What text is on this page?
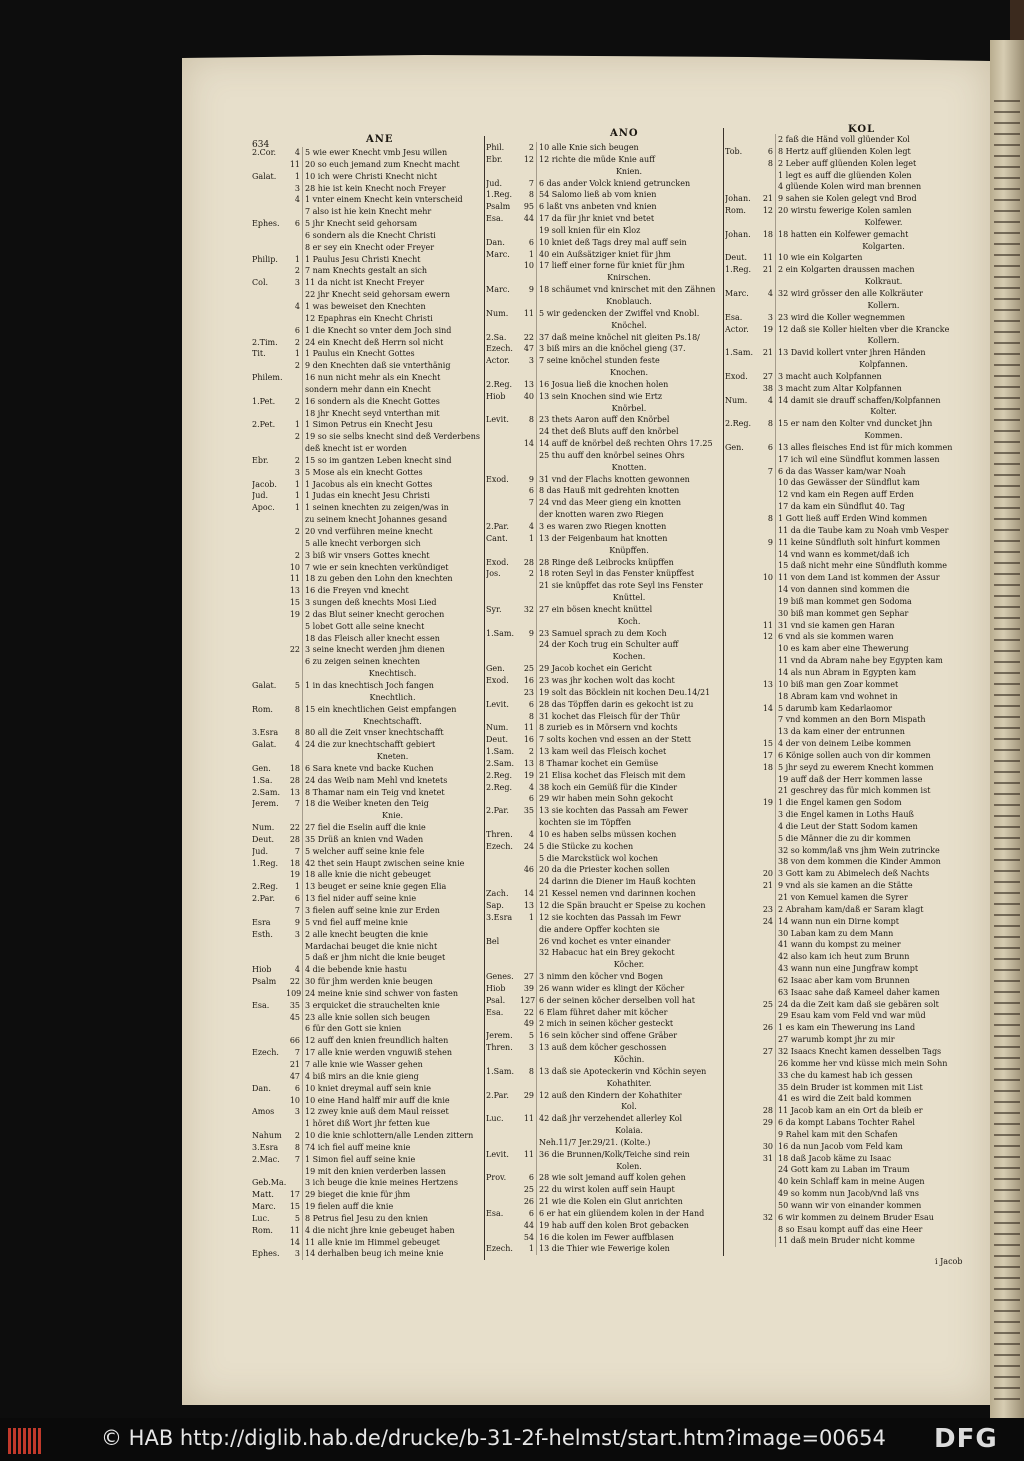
634	ANE
ANO	KOL
2.Cor.	4 5 wie ewer Knecht vmb Jesu willen
11 20 so euch jemand zum Knecht macht
Galat.	1 10 ich were Christi Knecht nicht
3 28 hie ist kein Knecht noch Freyer
4 1 vnter einem Knecht kein vnterscheid
7 also ist hie kein Knecht mehr
Ephes.	6 5 jhr Knecht seid gehorsam
6 sondern als die Knecht Christi
8 er sey ein Knecht oder Freyer
Philip.	1 1 Paulus Jesu Christi Knecht
2 7 nam Knechts gestalt an sich
Col.	3 11 da nicht ist Knecht Freyer
22 jhr Knecht seid gehorsam ewern
4 1 was beweiset den Knechten
12 Epaphras ein Knecht Christi
6 1 die Knecht so vnter dem Joch sind
2.Tim.	2 24 ein Knecht deß Herrn sol nicht
Tit.	1 1 Paulus ein Knecht Gottes
2 9 den Knechten daß sie vnterthänig
Philem.	16 nun nicht mehr als ein Knecht
sondern mehr dann ein Knecht
1.Pet.	2 16 sondern als die Knecht Gottes
18 jhr Knecht seyd vnterthan mit
2.Pet.	1 1 Simon Petrus ein Knecht Jesu
2 19 so sie selbs knecht sind deß Verderbens
deß knecht ist er worden
Ebr.	2 15 so im gantzen Leben knecht sind
3 5 Mose als ein knecht Gottes
Jacob.	1 1 Jacobus als ein knecht Gottes
Jud.	1 1 Judas ein knecht Jesu Christi
Apoc.	1 1 seinen knechten zu zeigen/was in
zu seinem knecht Johannes gesand
2 20 vnd verführen meine knecht
5 alle knecht verborgen sich
2 3 biß wir vnsers Gottes knecht
10 7 wie er sein knechten verkündiget
11 18 zu geben den Lohn den knechten
13 16 die Freyen vnd knecht
15 3 sungen deß knechts Mosi Lied
19 2 das Blut seiner knecht gerochen
5 lobet Gott alle seine knecht
18 das Fleisch aller knecht essen
22 3 seine knecht werden jhm dienen
6 zu zeigen seinen knechten
Knechtisch.
Galat.	5 1 in das knechtisch Joch fangen
Knechtlich.
Rom.	8 15 ein knechtlichen Geist empfangen
Knechtschafft.
3.Esra	8 80 all die Zeit vnser knechtschafft
Galat.	4 24 die zur knechtschafft gebiert
Kneten.
Gen.	18 6 Sara knete vnd backe Kuchen
1.Sa.	28 24 das Weib nam Mehl vnd knetets
2.Sam.	13 8 Thamar nam ein Teig vnd knetet
Jerem.	7 18 die Weiber kneten den Teig
Knie.
Num.	22 27 fiel die Eselin auff die knie
Deut.	28 35 Drüß an knien vnd Waden
Jud.	7 5 welcher auff seine knie fele
1.Reg.	18 42 thet sein Haupt zwischen seine knie
19 18 alle knie die nicht gebeuget
2.Reg.	1 13 beuget er seine knie gegen Elia
2.Par.	6 13 fiel nider auff seine knie
7 3 fielen auff seine knie zur Erden
Esra	9 5 vnd fiel auff meine knie
Esth.	3 2 alle knecht beugten die knie
Mardachai beuget die knie nicht
5 daß er jhm nicht die knie beuget
Hiob	4 4 die bebende knie hastu
Psalm	22 30 für jhm werden knie beugen
109 24 meine knie sind schwer von fasten
Esa.	35 3 erquicket die strauchelten knie
45 23 alle knie sollen sich beugen
6 für den Gott sie knien
66 12 auff den knien freundlich halten
Ezech.	7 17 alle knie werden vnguwiß stehen
21 7 alle knie wie Wasser gehen
47 4 biß mirs an die knie gieng
Dan.	6 10 kniet dreymal auff sein knie
10 10 eine Hand halff mir auff die knie
Amos	3 12 zwey knie auß dem Maul reisset
1 höret diß Wort jhr fetten kue
Nahum	2 10 die knie schlottern/alle Lenden zittern
3.Esra	8 74 ich fiel auff meine knie
2.Mac.	7 1 Simon fiel auff seine knie
19 mit den knien verderben lassen
Geb.Ma.	3 ich beuge die knie meines Hertzens
Matt.	17 29 bieget die knie für jhm
Marc.	15 19 fielen auff die knie
Luc.	5 8 Petrus fiel Jesu zu den knien
Rom.	11 4 die nicht jhre knie gebeuget haben
14 11 alle knie im Himmel gebeuget
Ephes.	3 14 derhalben beug ich meine knie
Phil.	2 10 alle Knie sich beugen
Ebr.	12 12 richte die müde Knie auff
Knien.
Jud.	7 6 das ander Volck kniend getruncken
1.Reg.	8 54 Salomo ließ ab vom knien
Psalm	95 6 laßt vns anbeten vnd knien
Esa.	44 17 da für jhr kniet vnd betet
19 soll knien für ein Kloz
Dan.	6 10 kniet deß Tags drey mal auff sein
Marc.	1 40 ein Außsätziger kniet für jhm
10 17 lieff einer forne für kniet für jhm
Knirschen.
Marc.	9 18 schäumet vnd knirschet mit den Zähnen
Knoblauch.
Num.	11 5 wir gedencken der Zwiffel vnd Knobl.
Knöchel.
2.Sa.	22 37 daß meine knöchel nit gleiten Ps.18/
Ezech.	47 3 biß mirs an die knöchel gieng (37.
Actor.	3 7 seine knöchel stunden feste
Knochen.
2.Reg.	13 16 Josua ließ die knochen holen
Hiob	40 13 sein Knochen sind wie Ertz
Knörbel.
Levit.	8 23 thets Aaron auff den Knörbel
24 thet deß Bluts auff den knörbel
14 14 auff de knörbel deß rechten Ohrs 17.25
25 thu auff den knörbel seines Ohrs
Knotten.
Exod.	9 31 vnd der Flachs knotten gewonnen
6 8 das Hauß mit gedrehten knotten
7 24 vnd das Meer gieng ein knotten
der knotten waren zwo Riegen
2.Par.	4 3 es waren zwo Riegen knotten
Cant.	1 13 der Feigenbaum hat knotten
Knüpffen.
Exod.	28 28 Ringe deß Leibrocks knüpffen
Jos.	2 18 roten Seyl in das Fenster knüpffest
21 sie knüpffet das rote Seyl ins Fenster
Knüttel.
Syr.	32 27 ein bösen knecht knüttel
Koch.
1.Sam.	9 23 Samuel sprach zu dem Koch
24 der Koch trug ein Schulter auff
Kochen.
Gen.	25 29 Jacob kochet ein Gericht
Exod.	16 23 was jhr kochen wolt das kocht
23 19 solt das Böcklein nit kochen Deu.14/21
Levit.	6 28 das Töpffen darin es gekocht ist zu
8 31 kochet das Fleisch für der Thür
Num.	11 8 zurieb es in Mörsern vnd kochts
Deut.	16 7 solts kochen vnd essen an der Stett
1.Sam.	2 13 kam weil das Fleisch kochet
2.Sam.	13 8 Thamar kochet ein Gemüse
2.Reg.	19 21 Elisa kochet das Fleisch mit dem
2.Reg.	4 38 koch ein Gemüß für die Kinder
6 29 wir haben mein Sohn gekocht
2.Par.	35 13 sie kochten das Passah am Fewer
kochten sie im Töpffen
Thren.	4 10 es haben selbs müssen kochen
Ezech.	24 5 die Stücke zu kochen
5 die Marckstück wol kochen
46 20 da die Priester kochen sollen
24 darinn die Diener im Hauß kochten
Zach.	14 21 Kessel nemen vnd darinnen kochen
Sap.	13 12 die Spän braucht er Speise zu kochen
3.Esra	1 12 sie kochten das Passah im Fewr
die andere Opffer kochten sie
Bel	26 vnd kochet es vnter einander
32 Habacuc hat ein Brey gekocht
Köcher.
Genes.	27 3 nimm den köcher vnd Bogen
Hiob	39 26 wann wider es klingt der Köcher
Psal.	127 6 der seinen köcher derselben voll hat
Esa.	22 6 Elam führet daher mit köcher
49 2 mich in seinen köcher gesteckt
Jerem.	5 16 sein köcher sind offene Gräber
Thren.	3 13 auß dem köcher geschossen
Köchin.
1.Sam.	8 13 daß sie Apoteckerin vnd Köchin seyen
Kohathiter.
2.Par.	29 12 auß den Kindern der Kohathiter
Kol.
Luc.	11 42 daß jhr verzehendet allerley Kol
Kolaia.
Neh.11/7 Jer.29/21. (Kolte.)
Levit.	11 36 die Brunnen/Kolk/Teiche sind rein
Kolen.
Prov.	6 28 wie solt jemand auff kolen gehen
25 22 du wirst kolen auff sein Haupt
26 21 wie die Kolen ein Glut anrichten
Esa.	6 6 er hat ein glüendem kolen in der Hand
44 19 hab auff den kolen Brot gebacken
54 16 die kolen im Fewer auffblasen
Ezech.	1 13 die Thier wie Fewerige kolen
2 faß die Händ voll glüender Kol
Tob.	6 8 Hertz auff glüenden Kolen legt
8 2 Leber auff glüenden Kolen leget
1 legt es auff die glüenden Kolen
4 glüende Kolen wird man brennen
Johan.	21 9 sahen sie Kolen gelegt vnd Brod
Rom.	12 20 wirstu fewerige Kolen samlen
Kolfewer.
Johan.	18 18 hatten ein Kolfewer gemacht
Kolgarten.
Deut.	11 10 wie ein Kolgarten
1.Reg.	21 2 ein Kolgarten draussen machen
Kolkraut.
Marc.	4 32 wird grösser den alle Kolkräuter
Kollern.
Esa.	3 23 wird die Koller wegnemmen
Actor.	19 12 daß sie Koller hielten vber die Krancke
Kollern.
1.Sam.	21 13 David kollert vnter jhren Händen
Kolpfannen.
Exod.	27 3 macht auch Kolpfannen
38 3 macht zum Altar Kolpfannen
Num.	4 14 damit sie drauff schaffen/Kolpfannen
Kolter.
2.Reg.	8 15 er nam den Kolter vnd duncket jhn
Kommen.
Gen.	6 13 alles fleisches End ist für mich kommen
17 ich wil eine Sündflut kommen lassen
7 6 da das Wasser kam/war Noah
10 das Gewässer der Sündflut kam
12 vnd kam ein Regen auff Erden
17 da kam ein Sündflut 40. Tag
8 1 Gott ließ auff Erden Wind kommen
11 da die Taube kam zu Noah vmb Vesper
9 11 keine Sündfluth solt hinfurt kommen
14 vnd wann es kommet/daß ich
15 daß nicht mehr eine Sündfluth komme
10 11 von dem Land ist kommen der Assur
14 von dannen sind kommen die
19 biß man kommet gen Sodoma
30 biß man kommet gen Sephar
11 31 vnd sie kamen gen Haran
12 6 vnd als sie kommen waren
10 es kam aber eine Thewerung
11 vnd da Abram nahe bey Egypten kam
14 als nun Abram in Egypten kam
13 10 biß man gen Zoar kommet
18 Abram kam vnd wohnet in
14 5 darumb kam Kedarlaomor
7 vnd kommen an den Born Mispath
13 da kam einer der entrunnen
15 4 der von deinem Leibe kommen
17 6 Könige sollen auch von dir kommen
18 5 jhr seyd zu ewerem Knecht kommen
19 auff daß der Herr kommen lasse
21 geschrey das für mich kommen ist
19 1 die Engel kamen gen Sodom
3 die Engel kamen in Loths Hauß
4 die Leut der Statt Sodom kamen
5 die Männer die zu dir kommen
32 so komm/laß vns jhm Wein zutrincke
38 von dem kommen die Kinder Ammon
20 3 Gott kam zu Abimelech deß Nachts
21 9 vnd als sie kamen an die Stätte
21 von Kemuel kamen die Syrer
23 2 Abraham kam/daß er Saram klagt
24 14 wann nun ein Dirne kompt
30 Laban kam zu dem Mann
41 wann du kompst zu meiner
42 also kam ich heut zum Brunn
43 wann nun eine Jungfraw kompt
62 Isaac aber kam vom Brunnen
63 Isaac sahe daß Kameel daher kamen
25 24 da die Zeit kam daß sie gebären solt
29 Esau kam vom Feld vnd war müd
26 1 es kam ein Thewerung ins Land
27 warumb kompt jhr zu mir
27 32 Isaacs Knecht kamen desselben Tags
26 komme her vnd küsse mich mein Sohn
33 che du kamest hab ich gessen
35 dein Bruder ist kommen mit List
41 es wird die Zeit bald kommen
28 11 Jacob kam an ein Ort da bleib er
29 6 da kompt Labans Tochter Rahel
9 Rahel kam mit den Schafen
30 16 da nun Jacob vom Feld kam
31 18 daß Jacob käme zu Isaac
24 Gott kam zu Laban im Traum
40 kein Schlaff kam in meine Augen
49 so komm nun Jacob/vnd laß vns
50 wann wir von einander kommen
32 6 wir kommen zu deinem Bruder Esau
8 so Esau kompt auff das eine Heer
11 daß mein Bruder nicht komme
i Jacob
© HAB http://diglib.hab.de/drucke/b-31-2f-helmst/start.htm?image=00654 DFG
